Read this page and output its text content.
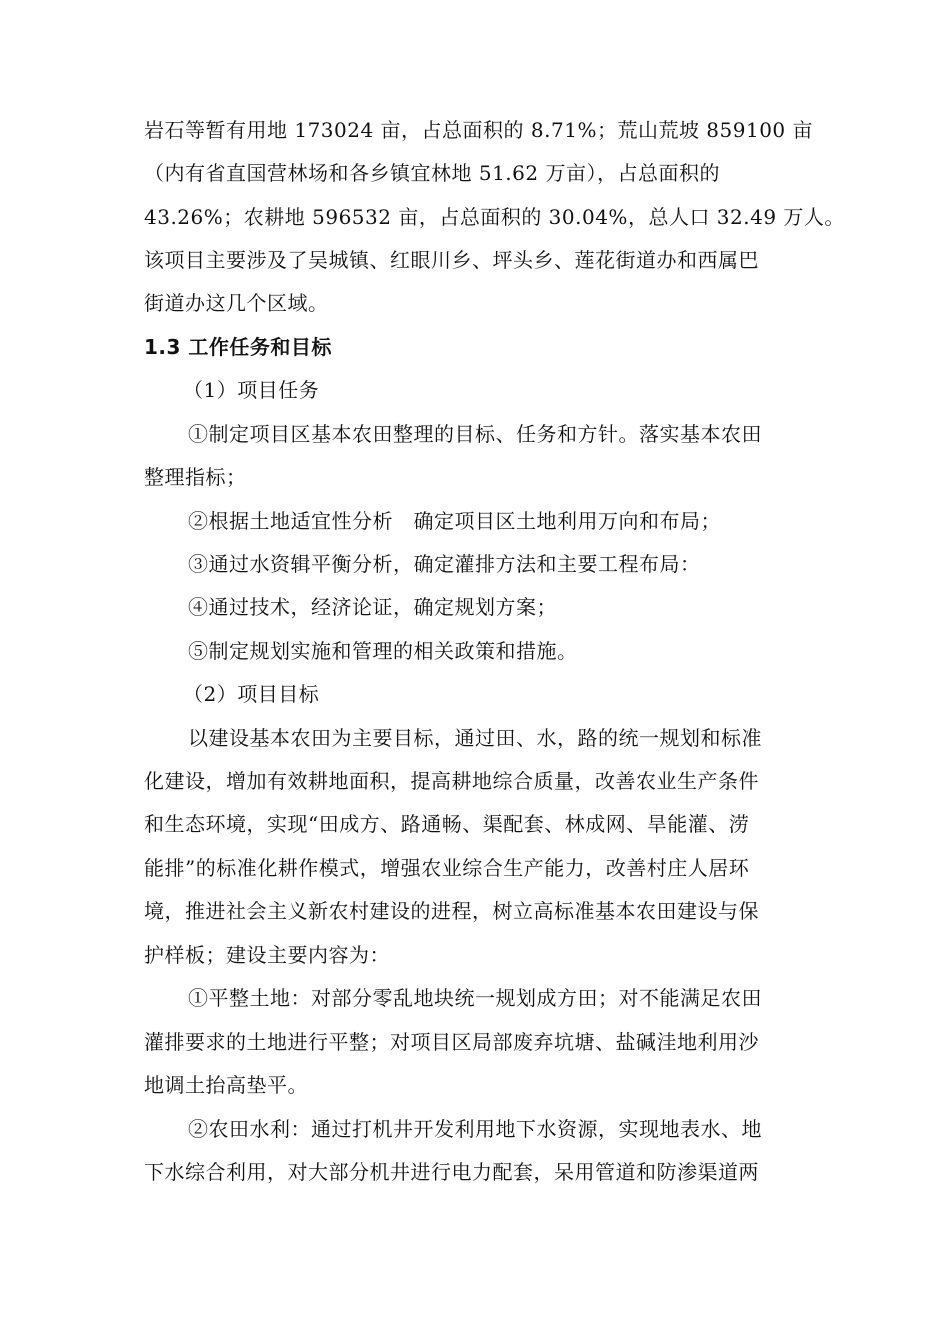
岩石等暂有用地 173024 亩，占总面积的 8.71%；荒山荒坡 859100 亩
（内有省直国营林场和各乡镇宜林地 51.62 万亩），占总面积的
43.26%；农耕地 596532 亩，占总面积的 30.04%，总人口 32.49 万人。
该项目主要涉及了吴城镇、红眼川乡、坪头乡、莲花街道办和西属巴
街道办这几个区域。
1.3 工作任务和目标
（1）项目任务
①制定项目区基本农田整理的目标、任务和方针。落实基本农田
整理指标；
②根据土地适宜性分析　确定项目区土地利用万向和布局；
③通过水资辑平衡分析，确定灌排方法和主要工程布局：
④通过技术，经济论证，确定规划方案；
⑤制定规划实施和管理的相关政策和措施。
（2）项目目标
以建设基本农田为主要目标，通过田、水，路的统一规划和标准
化建设，增加有效耕地面积，提高耕地综合质量，改善农业生产条件
和生态环境，实现“田成方、路通畅、渠配套、林成网、旱能灌、涝
能排”的标准化耕作模式，增强农业综合生产能力，改善村庄人居环
境，推进社会主义新农村建设的进程，树立高标准基本农田建设与保
护样板；建设主要内容为：
①平整土地：对部分零乱地块统一规划成方田；对不能满足农田
灌排要求的土地进行平整；对项目区局部废弃坑塘、盐碱洼地利用沙
地调土抬高垫平。
②农田水利：通过打机井开发利用地下水资源，实现地表水、地
下水综合利用，对大部分机井进行电力配套，呆用管道和防渗渠道两
